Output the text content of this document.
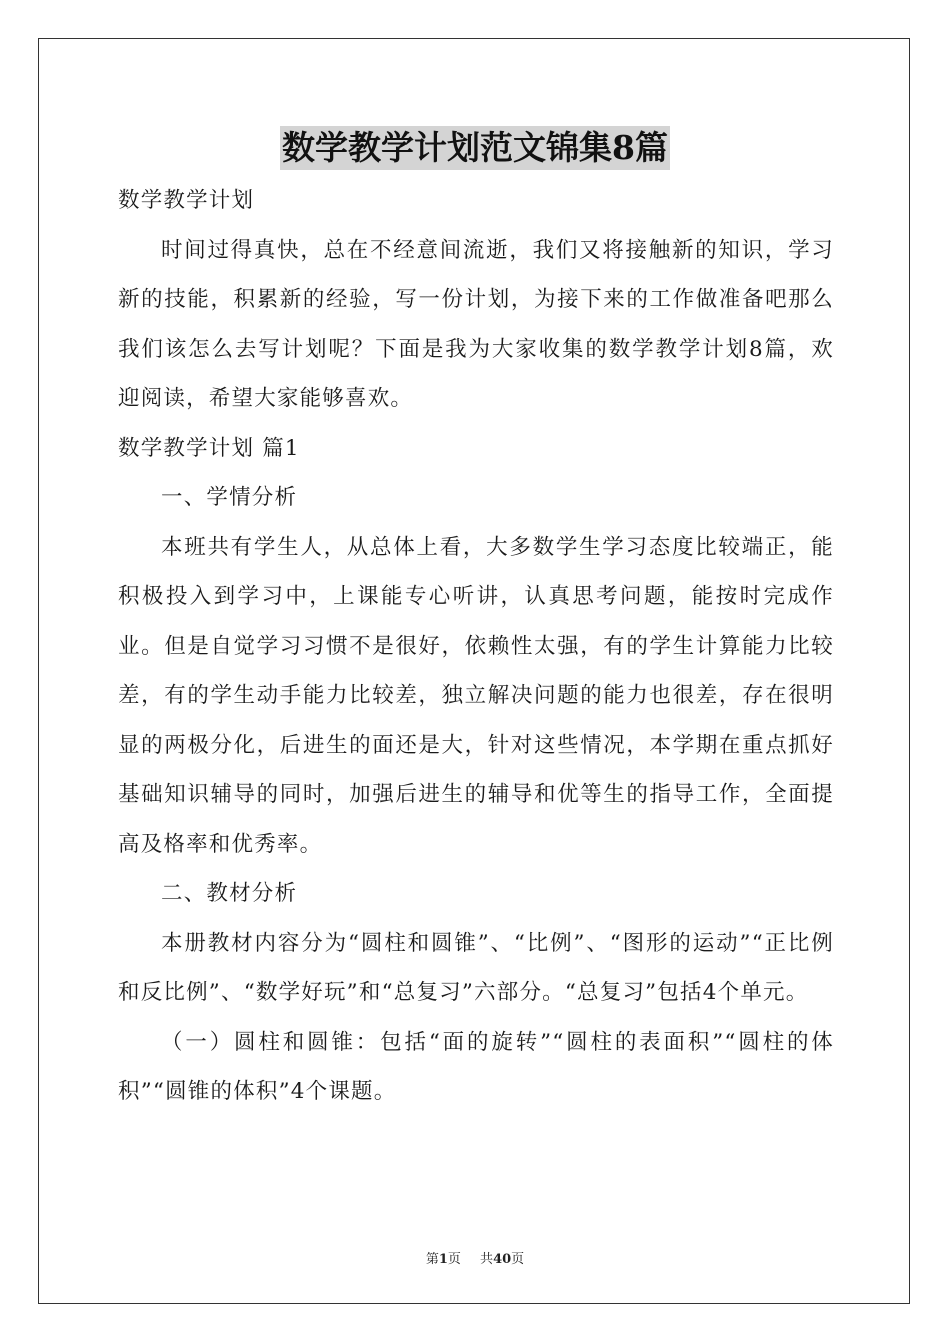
数学教学计划范文锦集8篇

数学教学计划

时间过得真快，总在不经意间流逝，我们又将接触新的知识，学习新的技能，积累新的经验，写一份计划，为接下来的工作做准备吧那么我们该怎么去写计划呢？下面是我为大家收集的数学教学计划8篇，欢迎阅读，希望大家能够喜欢。

数学教学计划 篇1

一、学情分析

本班共有学生人，从总体上看，大多数学生学习态度比较端正，能积极投入到学习中，上课能专心听讲，认真思考问题，能按时完成作业。但是自觉学习习惯不是很好，依赖性太强，有的学生计算能力比较差，有的学生动手能力比较差，独立解决问题的能力也很差，存在很明显的两极分化，后进生的面还是大，针对这些情况，本学期在重点抓好基础知识辅导的同时，加强后进生的辅导和优等生的指导工作，全面提高及格率和优秀率。

二、教材分析

本册教材内容分为“圆柱和圆锥”、“比例”、“图形的运动”“正比例和反比例”、“数学好玩”和“总复习”六部分。“总复习”包括4个单元。

（一）圆柱和圆锥：包括“面的旋转”“圆柱的表面积”“圆柱的体积”“圆锥的体积”4个课题。

第1页 共40页
